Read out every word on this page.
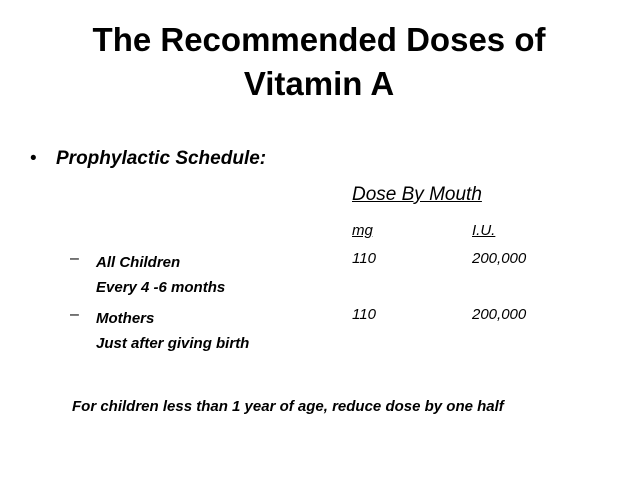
The Recommended Doses of
Vitamin A
• Prophylactic Schedule:
Dose By Mouth
mg	I.U.
– All Children
Every 4 -6 months
110	200,000
– Mothers
Just after giving birth
110	200,000
For children less than 1 year of age, reduce dose by one half
